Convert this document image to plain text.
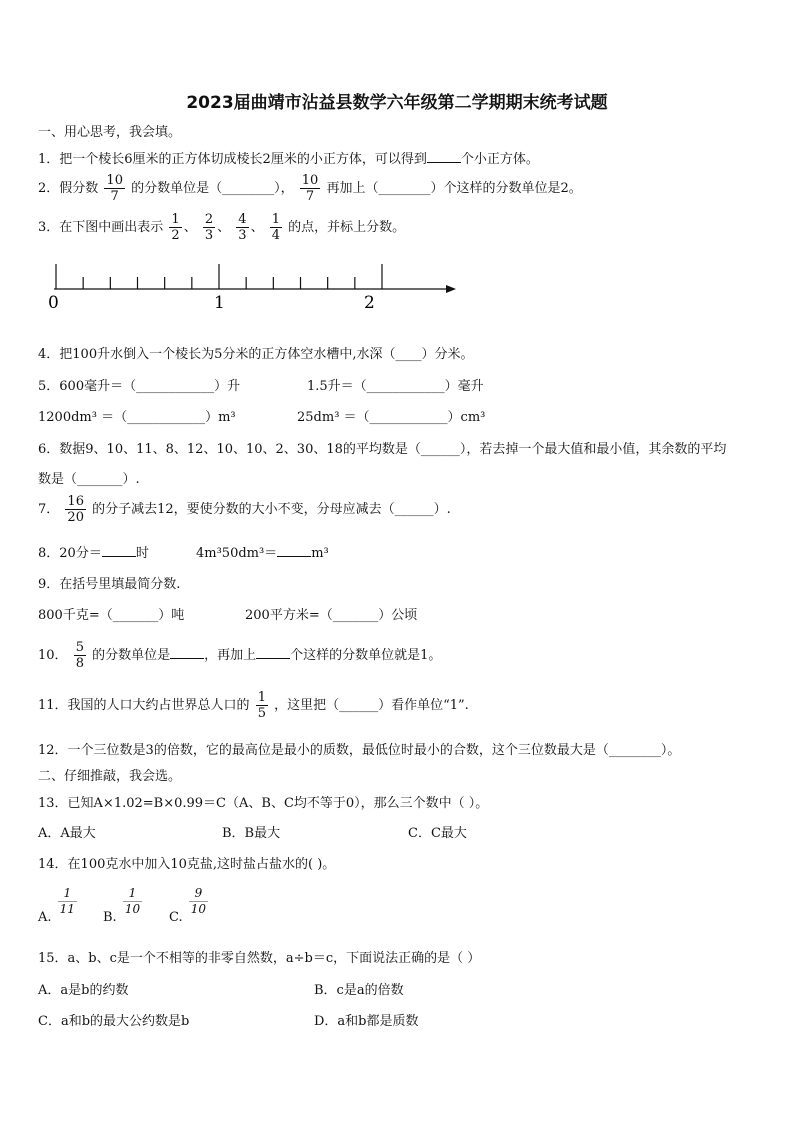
2023届曲靖市沾益县数学六年级第二学期期末统考试题
一、用心思考，我会填。
1．把一个棱长6厘米的正方体切成棱长2厘米的小正方体，可以得到	个小正方体。
2．假分数 $\frac{10}{7}$ 的分数单位是（________）， $\frac{10}{7}$ 再加上（________）个这样的分数单位是2。
3．在下图中画出表示 $\frac{1}{2}$ 、 $\frac{2}{3}$ 、 $\frac{4}{3}$ 、 $\frac{1}{4}$ 的点，并标上分数。
0	1	2
4．把100升水倒入一个棱长为5分米的正方体空水槽中,水深（____）分米。
5．600毫升＝（____________）升	1.5升＝（____________）毫升
1200dm³ ＝（____________）m³	25dm³ ＝（____________）cm³
6．数据9、10、11、8、12、10、10、2、30、18的平均数是（______），若去掉一个最大值和最小值，其余数的平均
数是（_______）.
7． $\frac{16}{20}$ 的分子减去12，要使分数的大小不变，分母应减去（______）.
8．20分＝	时	4m³50dm³＝	m³
9．在括号里填最简分数.
800千克=（_______）吨	200平方米=（_______）公顷
10． $\frac{5}{8}$ 的分数单位是	，再加上	个这样的分数单位就是1。
11．我国的人口大约占世界总人口的 $\frac{1}{5}$ ，这里把（______）看作单位“1”.
12．一个三位数是3的倍数，它的最高位是最小的质数，最低位时最小的合数，这个三位数最大是（________）。
二、仔细推敲，我会选。
13．已知A×1.02=B×0.99＝C（A、B、C均不等于0），那么三个数中（ ）。
A．A最大	B．B最大	C．C最大
14．在100克水中加入10克盐,这时盐占盐水的( )。
A.
$\frac{1}{11}$
B.
$\frac{1}{10}$
C.
$\frac{9}{10}$
15．a、b、c是一个不相等的非零自然数，a÷b＝c，下面说法正确的是（ ）
A．a是b的约数	B．c是a的倍数
C．a和b的最大公约数是b	D．a和b都是质数
